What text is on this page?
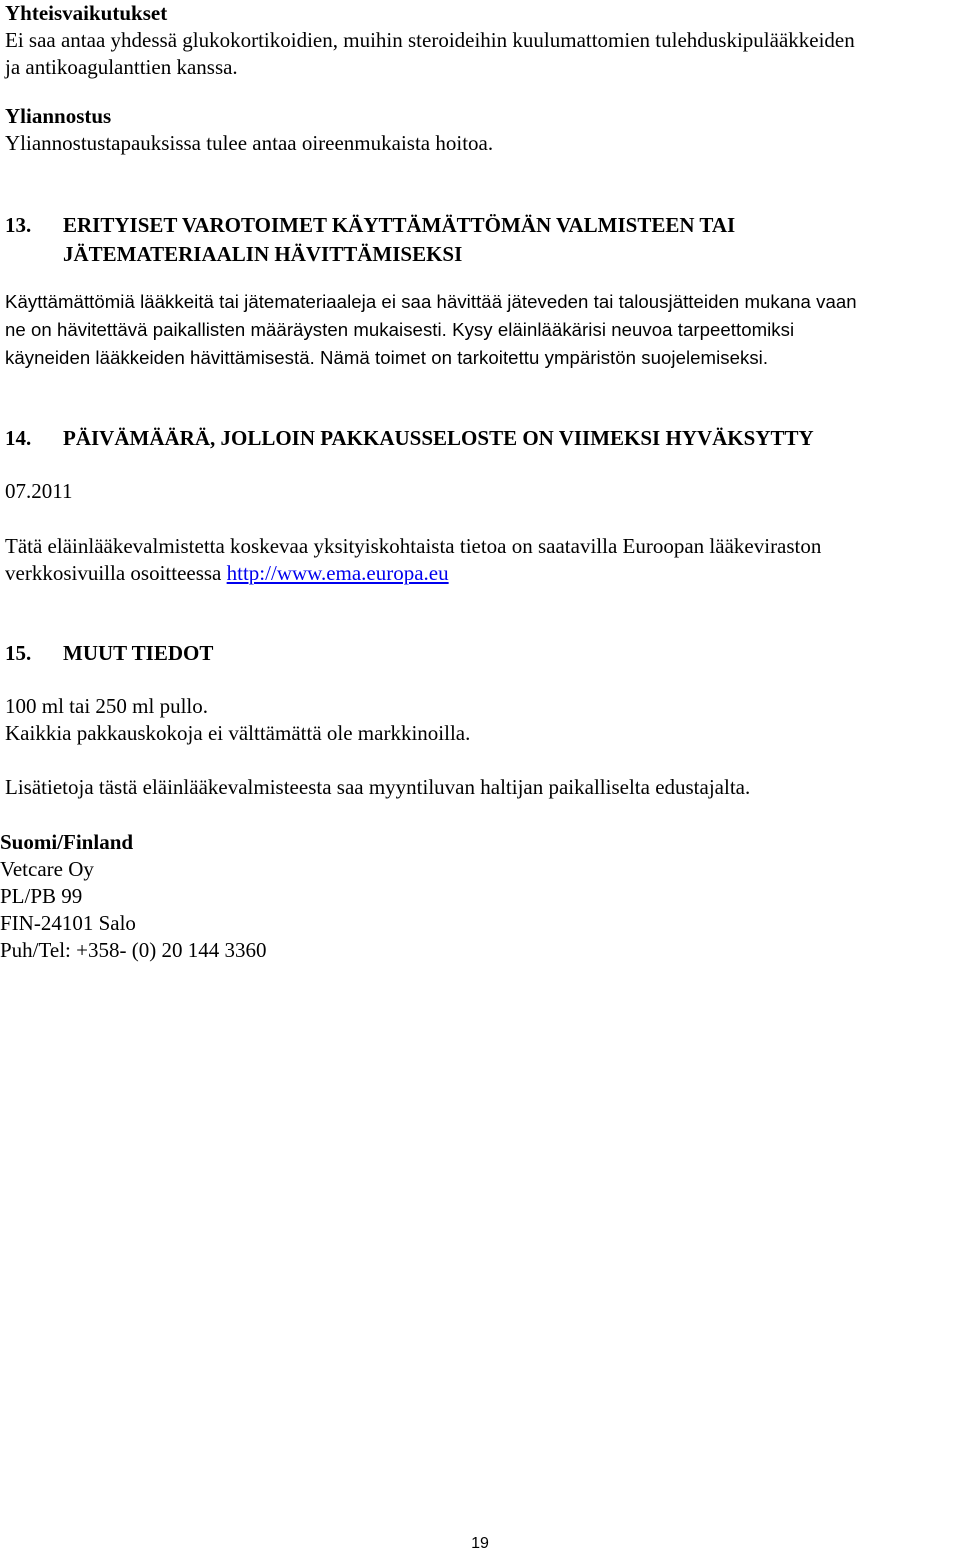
Yhteisvaikutukset
Ei saa antaa yhdessä glukokortikoidien, muihin steroideihin kuulumattomien tulehduskipulääkkeiden
ja antikoagulanttien kanssa.
Yliannostus
Yliannostustapauksissa tulee antaa oireenmukaista hoitoa.
13. ERITYISET VAROTOIMET KÄYTTÄMÄTTÖMÄN VALMISTEEN TAI
JÄTEMATERIAALIN HÄVITTÄMISEKSI
Käyttämättömiä lääkkeitä tai jätemateriaaleja ei saa hävittää jäteveden tai talousjätteiden mukana vaan
ne on hävitettävä paikallisten määräysten mukaisesti. Kysy eläinlääkärisi neuvoa tarpeettomiksi
käyneiden lääkkeiden hävittämisestä. Nämä toimet on tarkoitettu ympäristön suojelemiseksi.
14. PÄIVÄMÄÄRÄ, JOLLOIN PAKKAUSSELOSTE ON VIIMEKSI HYVÄKSYTTY
07.2011
Tätä eläinlääkevalmistetta koskevaa yksityiskohtaista tietoa on saatavilla Euroopan lääkeviraston
verkkosivuilla osoitteessa http://www.ema.europa.eu
15. MUUT TIEDOT
100 ml tai 250 ml pullo.
Kaikkia pakkauskokoja ei välttämättä ole markkinoilla.
Lisätietoja tästä eläinlääkevalmisteesta saa myyntiluvan haltijan paikalliselta edustajalta.
Suomi/Finland
Vetcare Oy
PL/PB 99
FIN-24101 Salo
Puh/Tel: +358- (0) 20 144 3360
19
